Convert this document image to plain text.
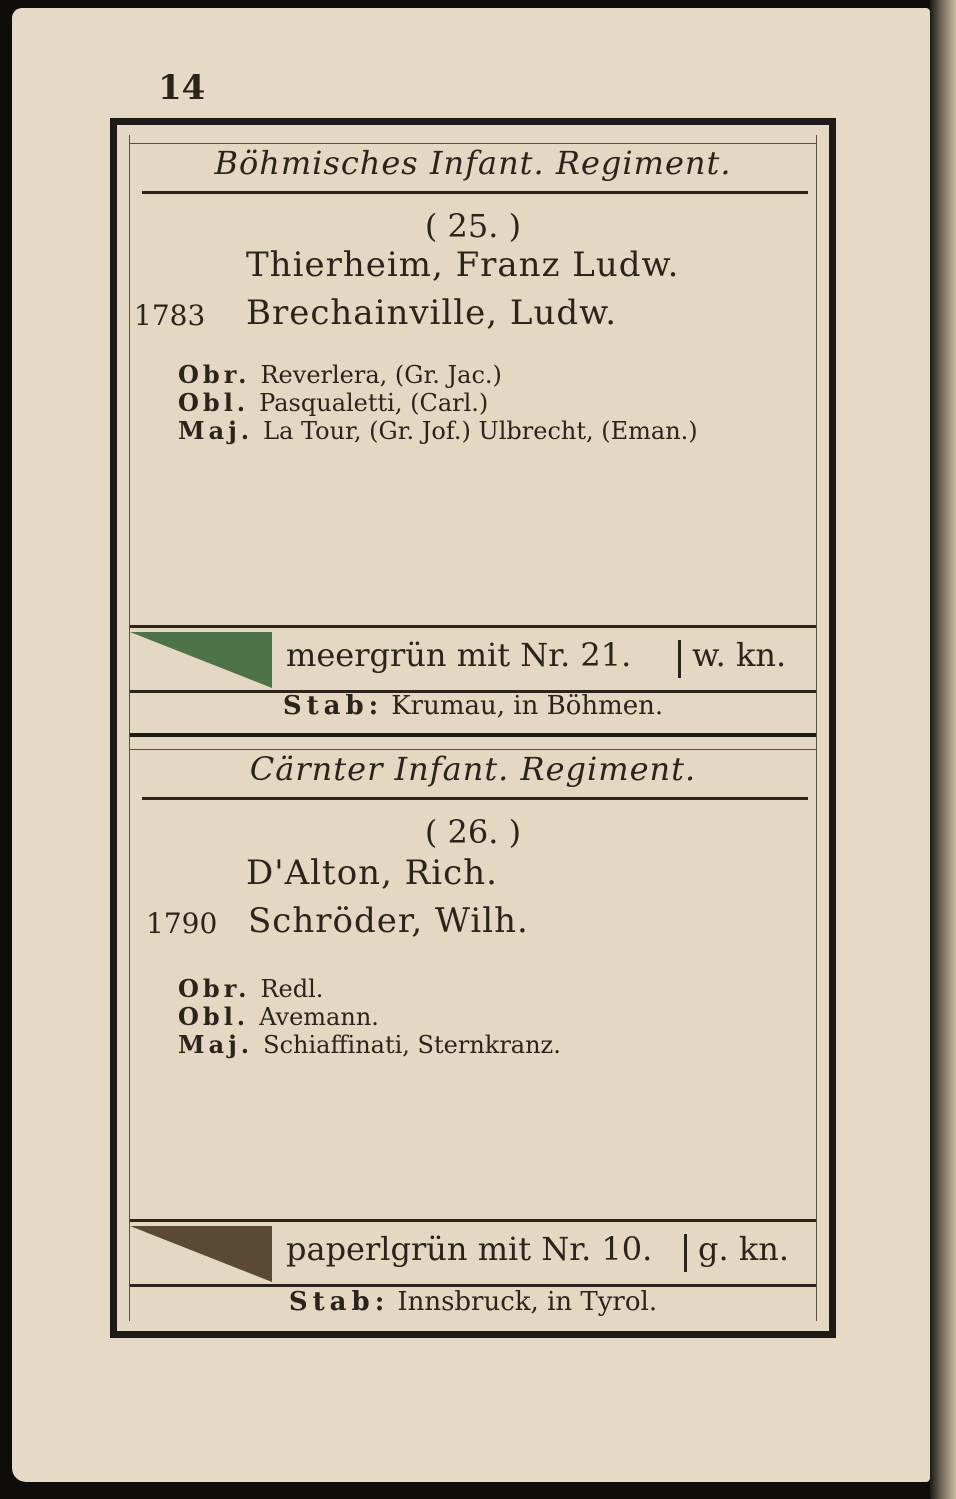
14
Böhmisches Infant. Regiment.
( 25. )
Thierheim, Franz Ludw.
1783 Brechainville, Ludw.
Obr. Reverlera, (Gr. Jac.)
Obl. Pasqualetti, (Carl.)
Maj. La Tour, (Gr. Jof.) Ulbrecht, (Eman.)
meergrün mit Nr. 21. w. kn.
Stab: Krumau, in Böhmen.
Cärnter Infant. Regiment.
( 26. )
D'Alton, Rich.
1790 Schröder, Wilh.
Obr. Redl.
Obl. Avemann.
Maj. Schiaffinati, Sternkranz.
paperlgrün mit Nr. 10. g. kn.
Stab: Innsbruck, in Tyrol.
